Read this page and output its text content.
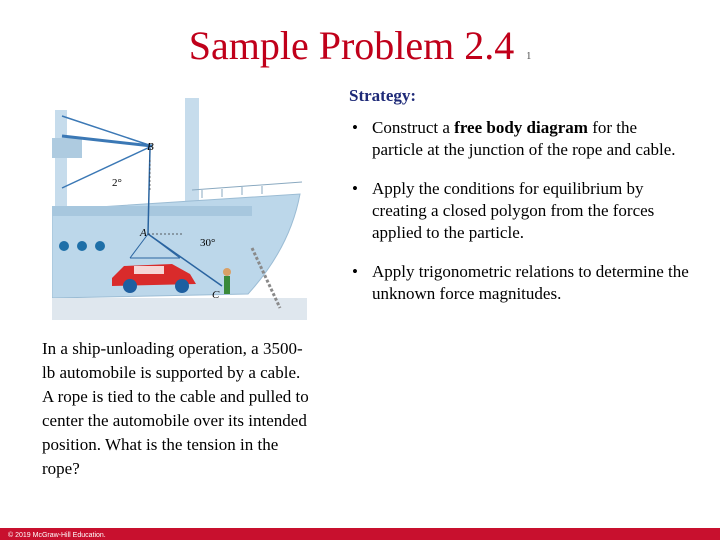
Sample Problem 2.4 1
B
A
C
2°
30°
Strategy:
• Construct a free body diagram for the particle at the junction of the rope and cable.
• Apply the conditions for equilibrium by creating a closed polygon from the forces applied to the particle.
• Apply trigonometric relations to determine the unknown force magnitudes.
In a ship-unloading operation, a 3500-lb automobile is supported by a cable. A rope is tied to the cable and pulled to center the automobile over its intended position. What is the tension in the rope?
© 2019 McGraw-Hill Education.
